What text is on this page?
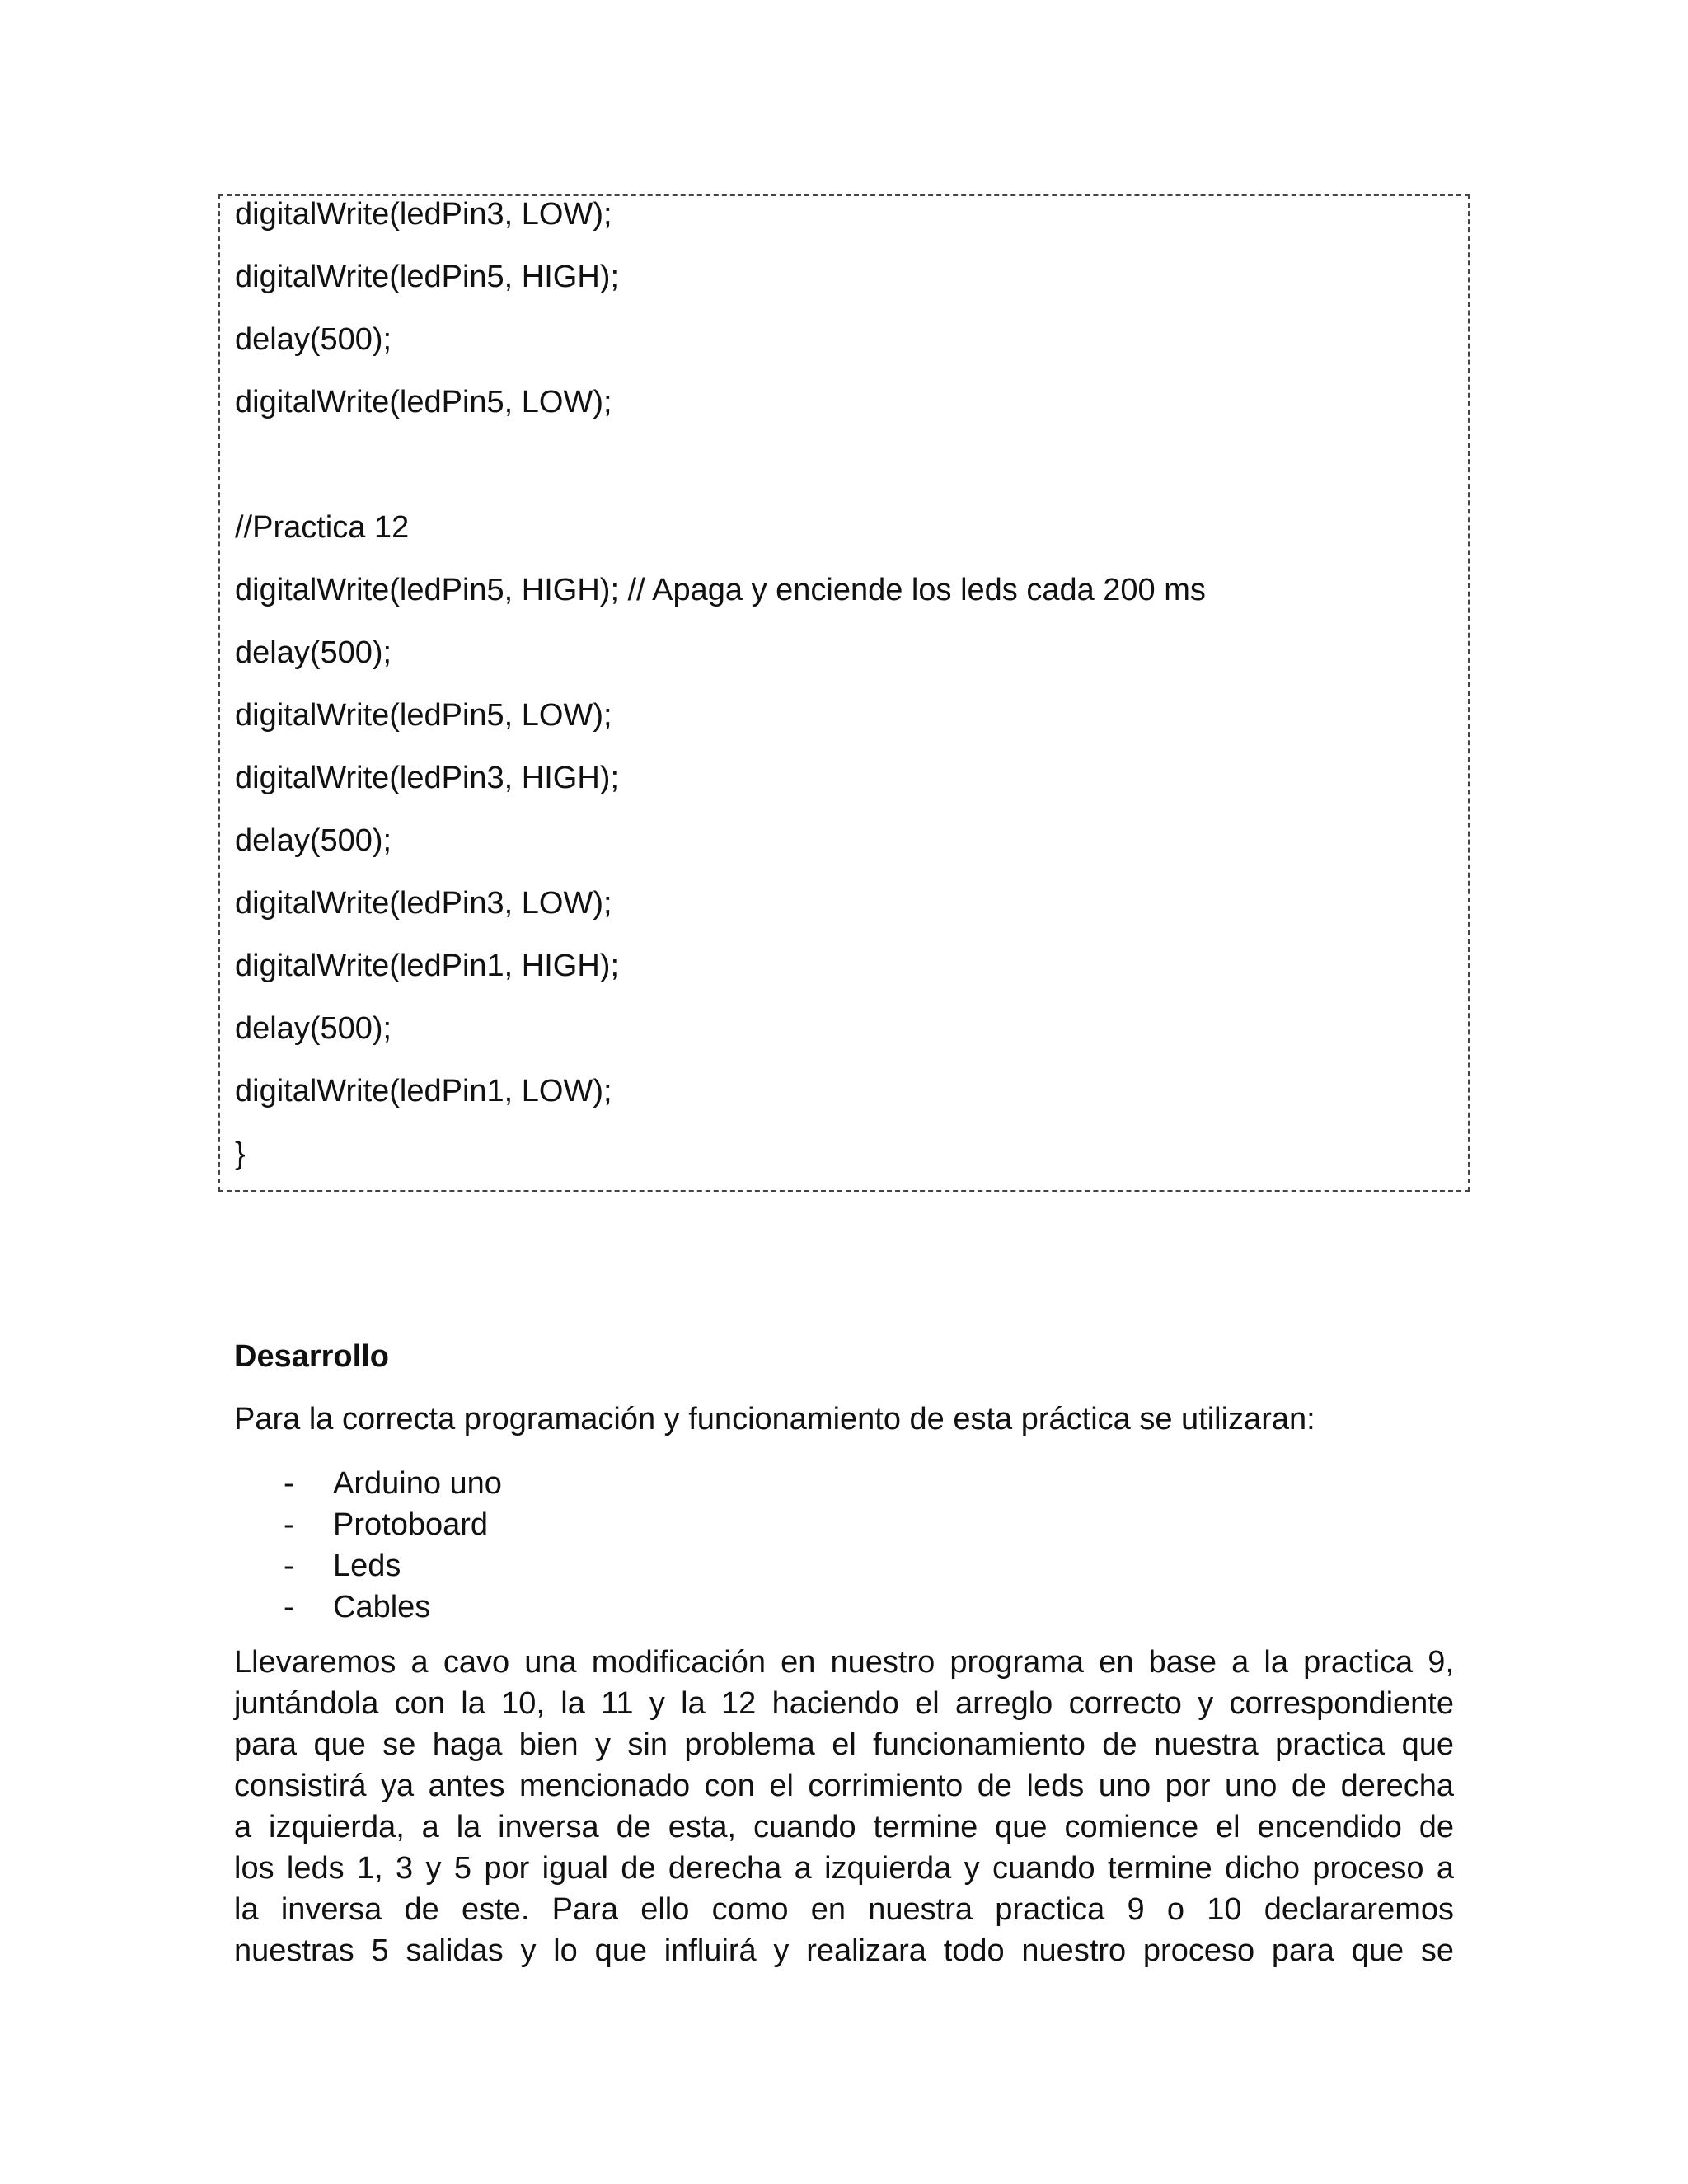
digitalWrite(ledPin3, LOW);
digitalWrite(ledPin5, HIGH);
delay(500);
digitalWrite(ledPin5, LOW);
//Practica 12
digitalWrite(ledPin5, HIGH); // Apaga y enciende los leds cada 200 ms
delay(500);
digitalWrite(ledPin5, LOW);
digitalWrite(ledPin3, HIGH);
delay(500);
digitalWrite(ledPin3, LOW);
digitalWrite(ledPin1, HIGH);
delay(500);
digitalWrite(ledPin1, LOW);
}
Desarrollo
Para la correcta programación y funcionamiento de esta práctica se utilizaran:
- Arduino uno
- Protoboard
- Leds
- Cables
Llevaremos a cavo una modificación en nuestro programa en base a la practica 9,
juntándola con la 10, la 11 y la 12 haciendo el arreglo correcto y correspondiente
para que se haga bien y sin problema el funcionamiento de nuestra practica que
consistirá ya antes mencionado con el corrimiento de leds uno por uno de derecha
a izquierda, a la inversa de esta, cuando termine que comience el encendido de
los leds 1, 3 y 5 por igual de derecha a izquierda y cuando termine dicho proceso a
la inversa de este. Para ello como en nuestra practica 9 o 10 declararemos
nuestras 5 salidas y lo que influirá y realizara todo nuestro proceso para que se
